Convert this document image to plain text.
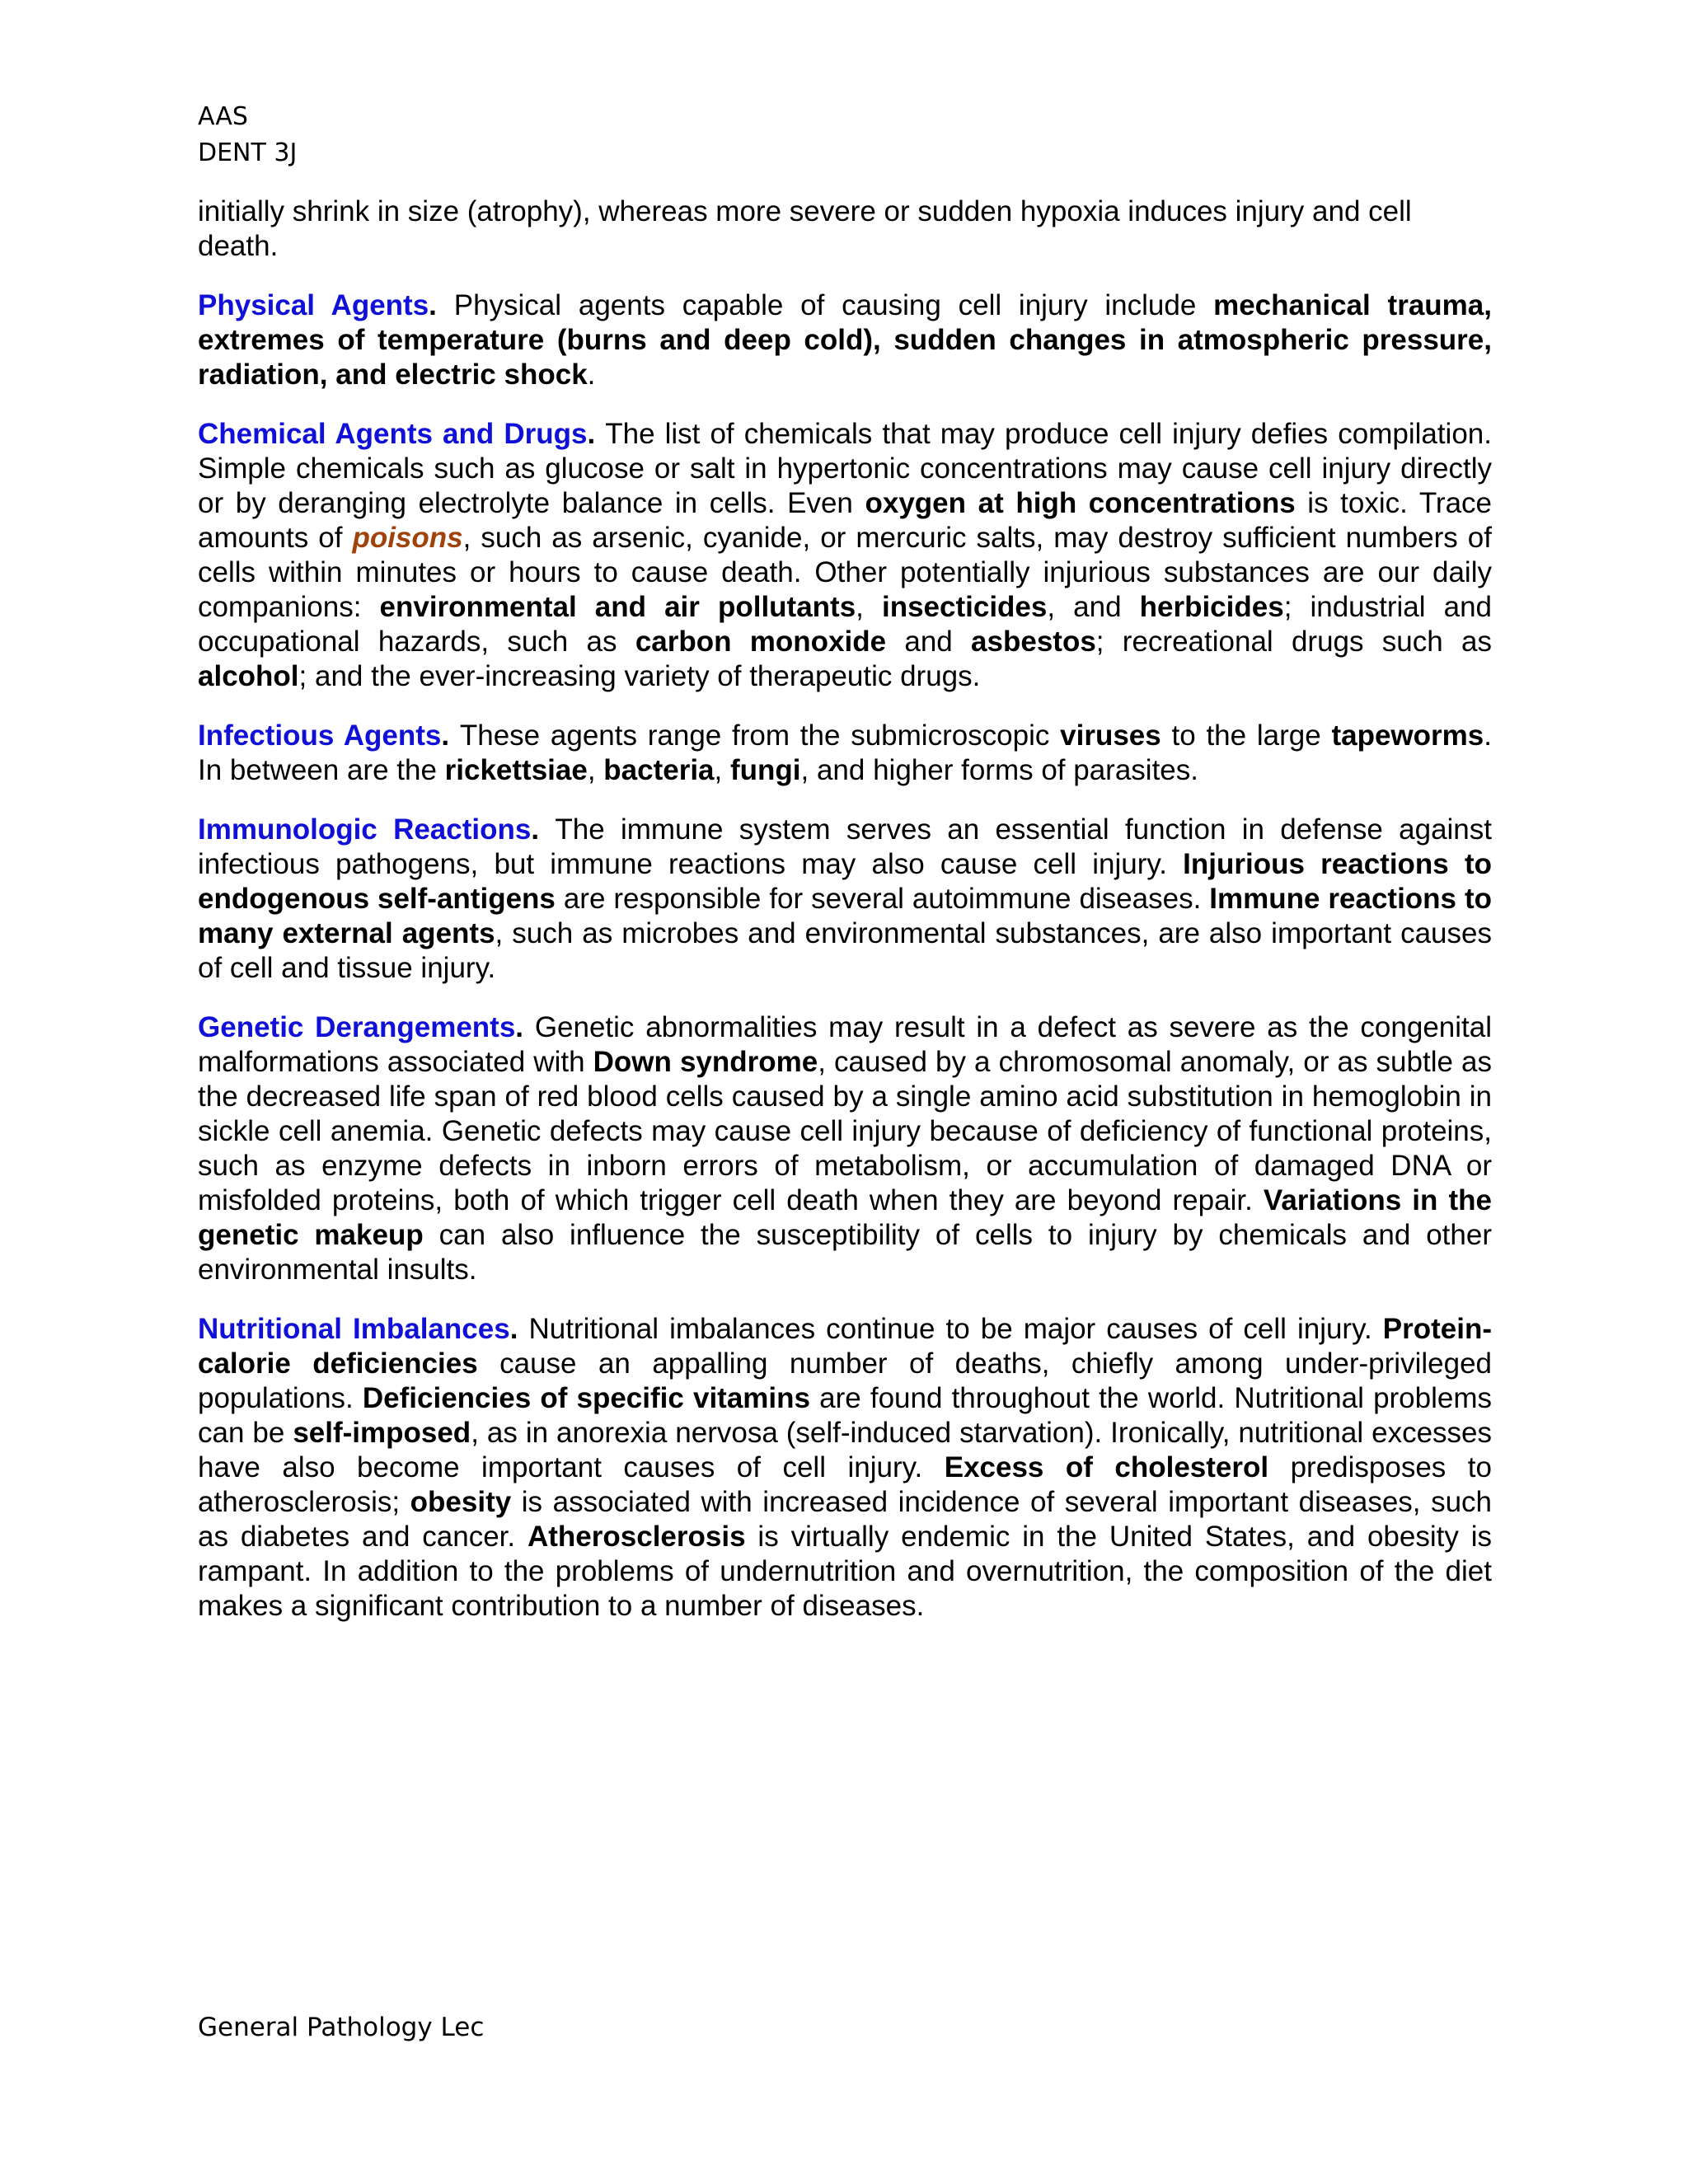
AAS
DENT 3J

initially shrink in size (atrophy), whereas more severe or sudden hypoxia induces injury and cell death.

Physical Agents. Physical agents capable of causing cell injury include mechanical trauma, extremes of temperature (burns and deep cold), sudden changes in atmospheric pressure, radiation, and electric shock.

Chemical Agents and Drugs. The list of chemicals that may produce cell injury defies compilation. Simple chemicals such as glucose or salt in hypertonic concentrations may cause cell injury directly or by deranging electrolyte balance in cells. Even oxygen at high concentrations is toxic. Trace amounts of poisons, such as arsenic, cyanide, or mercuric salts, may destroy sufficient numbers of cells within minutes or hours to cause death. Other potentially injurious substances are our daily companions: environmental and air pollutants, insecticides, and herbicides; industrial and occupational hazards, such as carbon monoxide and asbestos; recreational drugs such as alcohol; and the ever-increasing variety of therapeutic drugs.

Infectious Agents. These agents range from the submicroscopic viruses to the large tapeworms. In between are the rickettsiae, bacteria, fungi, and higher forms of parasites.

Immunologic Reactions. The immune system serves an essential function in defense against infectious pathogens, but immune reactions may also cause cell injury. Injurious reactions to endogenous self-antigens are responsible for several autoimmune diseases. Immune reactions to many external agents, such as microbes and environmental substances, are also important causes of cell and tissue injury.

Genetic Derangements. Genetic abnormalities may result in a defect as severe as the congenital malformations associated with Down syndrome, caused by a chromosomal anomaly, or as subtle as the decreased life span of red blood cells caused by a single amino acid substitution in hemoglobin in sickle cell anemia. Genetic defects may cause cell injury because of deficiency of functional proteins, such as enzyme defects in inborn errors of metabolism, or accumulation of damaged DNA or misfolded proteins, both of which trigger cell death when they are beyond repair. Variations in the genetic makeup can also influence the susceptibility of cells to injury by chemicals and other environmental insults.

Nutritional Imbalances. Nutritional imbalances continue to be major causes of cell injury. Protein-calorie deficiencies cause an appalling number of deaths, chiefly among under-privileged populations. Deficiencies of specific vitamins are found throughout the world. Nutritional problems can be self-imposed, as in anorexia nervosa (self-induced starvation). Ironically, nutritional excesses have also become important causes of cell injury. Excess of cholesterol predisposes to atherosclerosis; obesity is associated with increased incidence of several important diseases, such as diabetes and cancer. Atherosclerosis is virtually endemic in the United States, and obesity is rampant. In addition to the problems of undernutrition and overnutrition, the composition of the diet makes a significant contribution to a number of diseases.

General Pathology Lec
